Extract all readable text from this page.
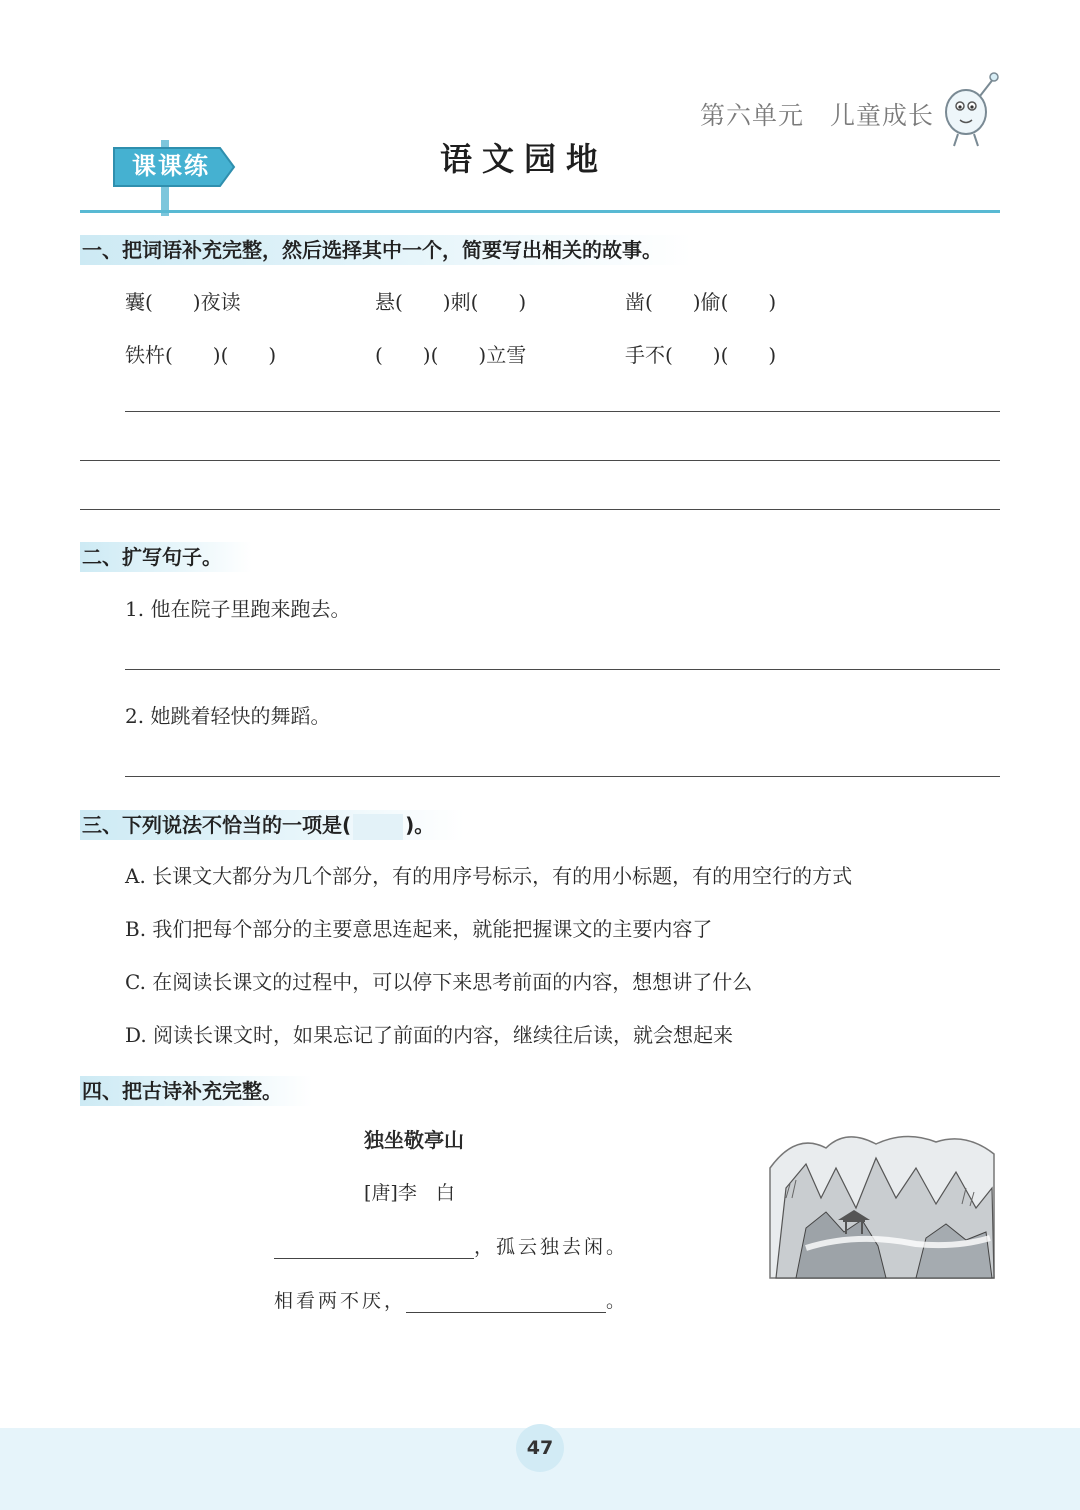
第六单元 儿童成长
课课练	语文园地
一、把词语补充完整，然后选择其中一个，简要写出相关的故事。
囊(　　)夜读	悬(　　)刺(　　)	凿(　　)偷(　　)
铁杵(　　)(　　)	(　　)(　　)立雪	手不(　　)(　　)
二、扩写句子。
1. 他在院子里跑来跑去。
2. 她跳着轻快的舞蹈。
三、下列说法不恰当的一项是(	)。
A. 长课文大都分为几个部分，有的用序号标示，有的用小标题，有的用空行的方式
B. 我们把每个部分的主要意思连起来，就能把握课文的主要内容了
C. 在阅读长课文的过程中，可以停下来思考前面的内容，想想讲了什么
D. 阅读长课文时，如果忘记了前面的内容，继续往后读，就会想起来
四、把古诗补充完整。
独坐敬亭山
[唐]李　白
，孤云独去闲。
相看两不厌，	。
47
